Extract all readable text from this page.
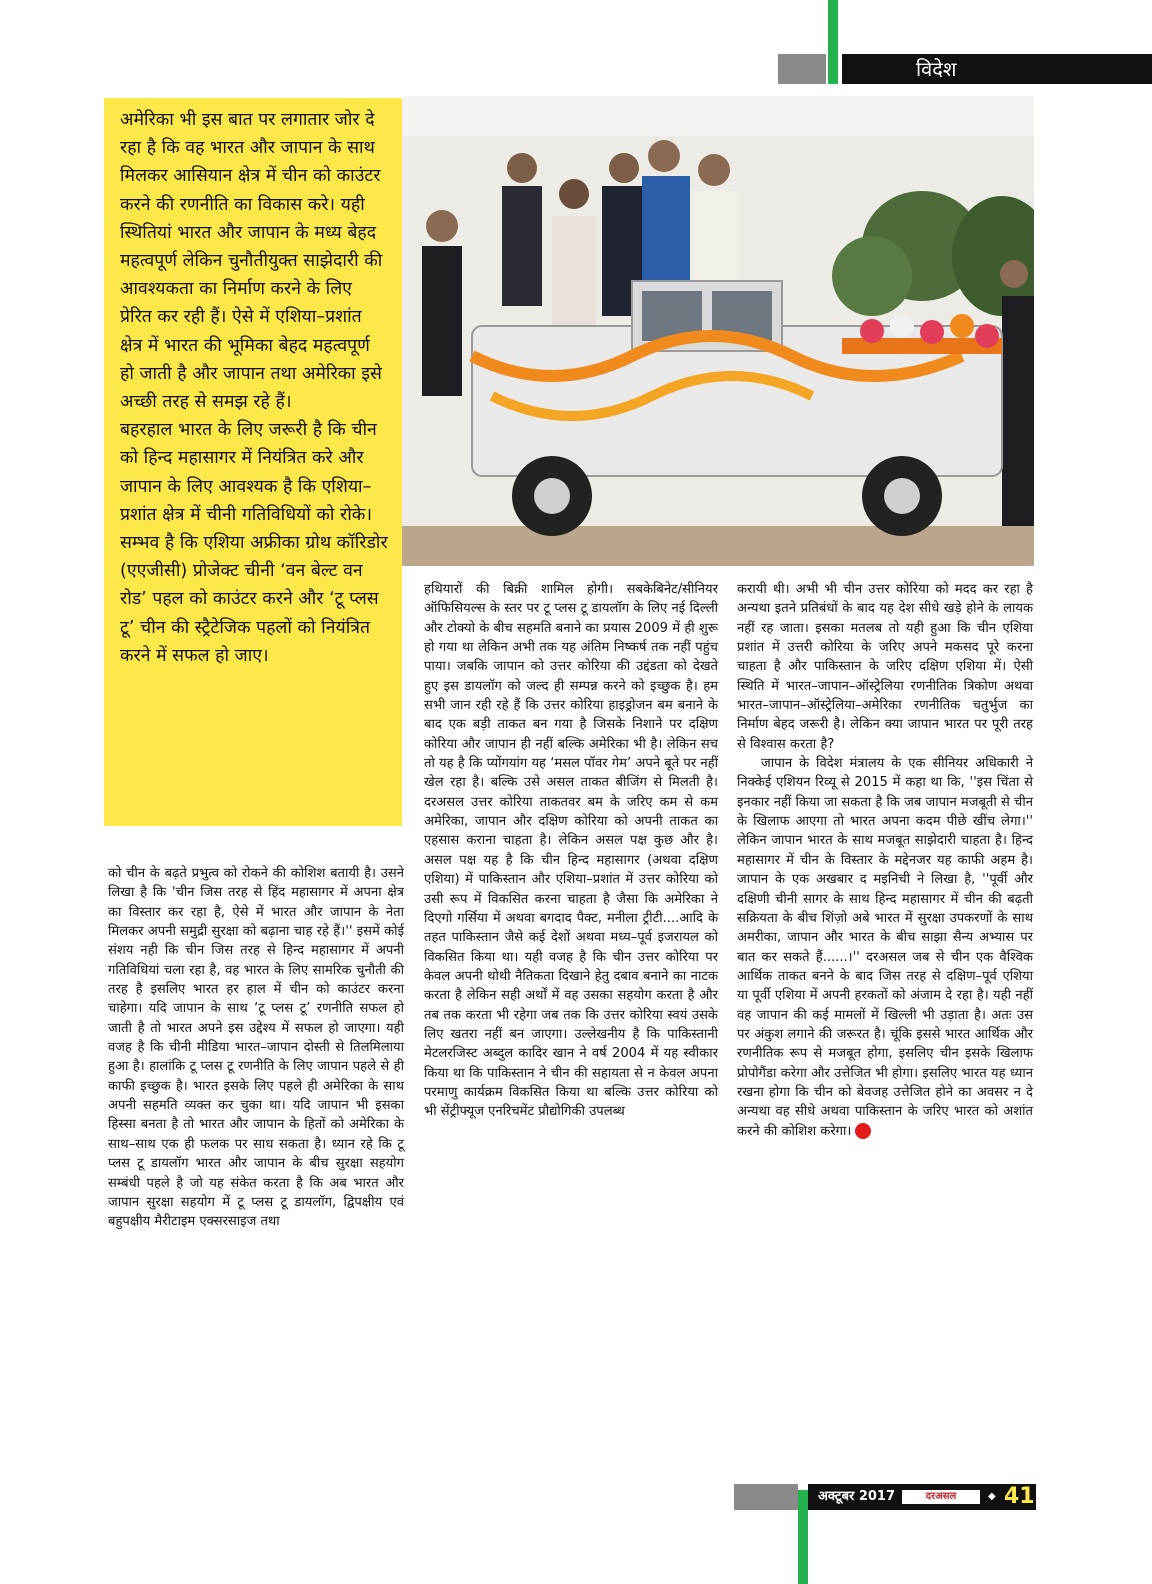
विदेश

अमेरिका भी इस बात पर लगातार जोर दे रहा है कि वह भारत और जापान के साथ मिलकर आसियान क्षेत्र में चीन को काउंटर करने की रणनीति का विकास करे। यही स्थितियां भारत और जापान के मध्य बेहद महत्वपूर्ण लेकिन चुनौतीयुक्त साझेदारी की आवश्यकता का निर्माण करने के लिए प्रेरित कर रही हैं। ऐसे में एशिया–प्रशांत क्षेत्र में भारत की भूमिका बेहद महत्वपूर्ण हो जाती है और जापान तथा अमेरिका इसे अच्छी तरह से समझ रहे हैं।

बहरहाल भारत के लिए जरूरी है कि चीन को हिन्द महासागर में नियंत्रित करे और जापान के लिए आवश्यक है कि एशिया–प्रशांत क्षेत्र में चीनी गतिविधियों को रोके। सम्भव है कि एशिया अफ्रीका ग्रोथ कॉरिडोर (एएजीसी) प्रोजेक्ट चीनी ‘वन बेल्ट वन रोड’ पहल को काउंटर करने और ‘टू प्लस टू’ चीन की स्ट्रैटेजिक पहलों को नियंत्रित करने में सफल हो जाए।

को चीन के बढ़ते प्रभुत्व को रोकने की कोशिश बतायी है। उसने लिखा है कि 'चीन जिस तरह से हिंद महासागर में अपना क्षेत्र का विस्तार कर रहा है, ऐसे में भारत और जापान के नेता मिलकर अपनी समुद्री सुरक्षा को बढ़ाना चाह रहे हैं।'' इसमें कोई संशय नही कि चीन जिस तरह से हिन्द महासागर में अपनी गतिविधियां चला रहा है, वह भारत के लिए सामरिक चुनौती की तरह है इसलिए भारत हर हाल में चीन को काउंटर करना चाहेगा। यदि जापान के साथ ‘टू प्लस टू’ रणनीति सफल हो जाती है तो भारत अपने इस उद्देश्य में सफल हो जाएगा। यही वजह है कि चीनी मीडिया भारत–जापान दोस्ती से तिलमिलाया हुआ है। हालांकि टू प्लस टू रणनीति के लिए जापान पहले से ही काफी इच्छुक है। भारत इसके लिए पहले ही अमेरिका के साथ अपनी सहमति व्यक्त कर चुका था। यदि जापान भी इसका हिस्सा बनता है तो भारत और जापान के हितों को अमेरिका के साथ–साथ एक ही फलक पर साध सकता है। ध्यान रहे कि टू प्लस टू डायलॉग भारत और जापान के बीच सुरक्षा सहयोग सम्बंधी पहले है जो यह संकेत करता है कि अब भारत और जापान सुरक्षा सहयोग में टू प्लस टू डायलॉग, द्विपक्षीय एवं बहुपक्षीय मैरीटाइम एक्सरसाइज तथा

हथियारों की बिक्री शामिल होगी। सबकेबिनेट/सीनियर ऑफिसियल्स के स्तर पर टू प्लस टू डायलॉग के लिए नई दिल्ली और टोक्यो के बीच सहमति बनाने का प्रयास 2009 में ही शुरू हो गया था लेकिन अभी तक यह अंतिम निष्कर्ष तक नहीं पहुंच पाया। जबकि जापान को उत्तर कोरिया की उद्दंडता को देखते हुए इस डायलॉग को जल्द ही सम्पन्न करने को इच्छुक है। हम सभी जान रही रहे हैं कि उत्तर कोरिया हाइड्रोजन बम बनाने के बाद एक बड़ी ताकत बन गया है जिसके निशाने पर दक्षिण कोरिया और जापान ही नहीं बल्कि अमेरिका भी है। लेकिन सच तो यह है कि प्योंगयांग यह ‘मसल पॉवर गेम’ अपने बूते पर नहीं खेल रहा है। बल्कि उसे असल ताकत बीजिंग से मिलती है। दरअसल उत्तर कोरिया ताकतवर बम के जरिए कम से कम अमेरिका, जापान और दक्षिण कोरिया को अपनी ताकत का एहसास कराना चाहता है। लेकिन असल पक्ष कुछ और है। असल पक्ष यह है कि चीन हिन्द महासागर (अथवा दक्षिण एशिया) में पाकिस्तान और एशिया–प्रशांत में उत्तर कोरिया को उसी रूप में विकसित करना चाहता है जैसा कि अमेरिका ने दिएगो गर्सिया में अथवा बगदाद पैक्ट, मनीला ट्रीटी....आदि के तहत पाकिस्तान जैसे कई देशों अथवा मध्य–पूर्व इजरायल को विकसित किया था। यही वजह है कि चीन उत्तर कोरिया पर केवल अपनी थोथी नैतिकता दिखाने हेतु दबाव बनाने का नाटक करता है लेकिन सही अर्थों में वह उसका सहयोग करता है और तब तक करता भी रहेगा जब तक कि उत्तर कोरिया स्वयं उसके लिए खतरा नहीं बन जाएगा। उल्लेखनीय है कि पाकिस्तानी मेटलरजिस्ट अब्दुल कादिर खान ने वर्ष 2004 में यह स्वीकार किया था कि पाकिस्तान ने चीन की सहायता से न केवल अपना परमाणु कार्यक्रम विकसित किया था बल्कि उत्तर कोरिया को भी सेंट्रीफ्यूज एनरिचमेंट प्रौद्योगिकी उपलब्ध

करायी थी। अभी भी चीन उत्तर कोरिया को मदद कर रहा है अन्यथा इतने प्रतिबंधों के बाद यह देश सीधे खड़े होने के लायक नहीं रह जाता। इसका मतलब तो यही हुआ कि चीन एशिया प्रशांत में उत्तरी कोरिया के जरिए अपने मकसद पूरे करना चाहता है और पाकिस्तान के जरिए दक्षिण एशिया में। ऐसी स्थिति में भारत–जापान–ऑस्ट्रेलिया रणनीतिक त्रिकोण अथवा भारत–जापान–ऑस्ट्रेलिया–अमेरिका रणनीतिक चतुर्भुज का निर्माण बेहद जरूरी है। लेकिन क्या जापान भारत पर पूरी तरह से विश्वास करता है?

जापान के विदेश मंत्रालय के एक सीनियर अधिकारी ने निक्केई एशियन रिव्यू से 2015 में कहा था कि, ''इस चिंता से इनकार नहीं किया जा सकता है कि जब जापान मजबूती से चीन के खिलाफ आएगा तो भारत अपना कदम पीछे खींच लेगा।'' लेकिन जापान भारत के साथ मजबूत साझेदारी चाहता है। हिन्द महासागर में चीन के विस्तार के मद्देनजर यह काफी अहम है। जापान के एक अखबार द मइनिची ने लिखा है, ''पूर्वी और दक्षिणी चीनी सागर के साथ हिन्द महासागर में चीन की बढ़ती सक्रियता के बीच शिंज़ो अबे भारत में सुरक्षा उपकरणों के साथ अमरीका, जापान और भारत के बीच साझा सैन्य अभ्यास पर बात कर सकते हैं......।'' दरअसल जब से चीन एक वैश्विक आर्थिक ताकत बनने के बाद जिस तरह से दक्षिण–पूर्व एशिया या पूर्वी एशिया में अपनी हरकतों को अंजाम दे रहा है। यही नहीं वह जापान की कई मामलों में खिल्ली भी उड़ाता है। अतः उस पर अंकुश लगाने की जरूरत है। चूंकि इससे भारत आर्थिक और रणनीतिक रूप से मजबूत होगा, इसलिए चीन इसके खिलाफ प्रोपोगैंडा करेगा और उत्तेजित भी होगा। इसलिए भारत यह ध्यान रखना होगा कि चीन को बेवजह उत्तेजित होने का अवसर न दे अन्यथा वह सीधे अथवा पाकिस्तान के जरिए भारत को अशांत करने की कोशिश करेगा।

अक्टूबर 2017	दरअसल	◆ 41
